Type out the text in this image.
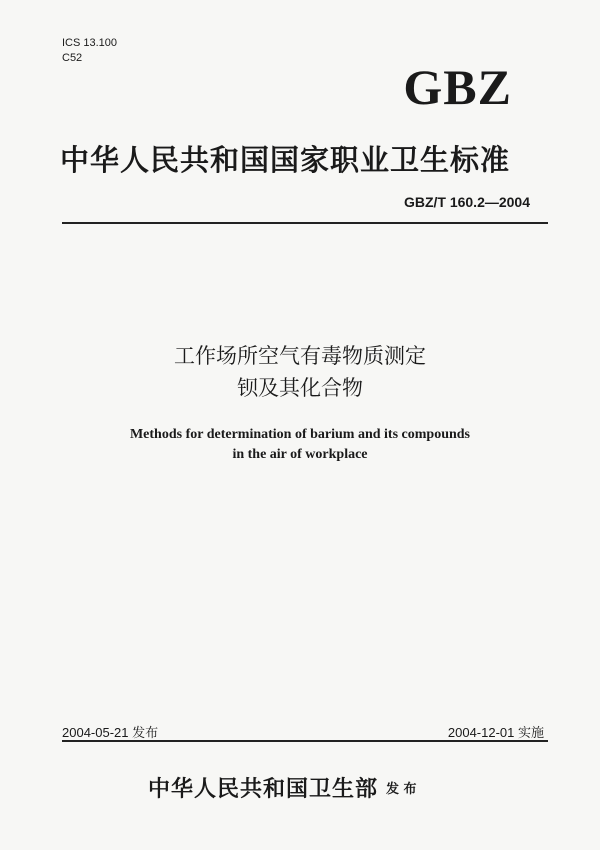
ICS 13.100
C52
GBZ
中华人民共和国国家职业卫生标准
GBZ/T 160.2—2004
工作场所空气有毒物质测定
钡及其化合物
Methods for determination of barium and its compounds
in the air of workplace
2004-05-21 发布	2004-12-01 实施
中华人民共和国卫生部 发 布
